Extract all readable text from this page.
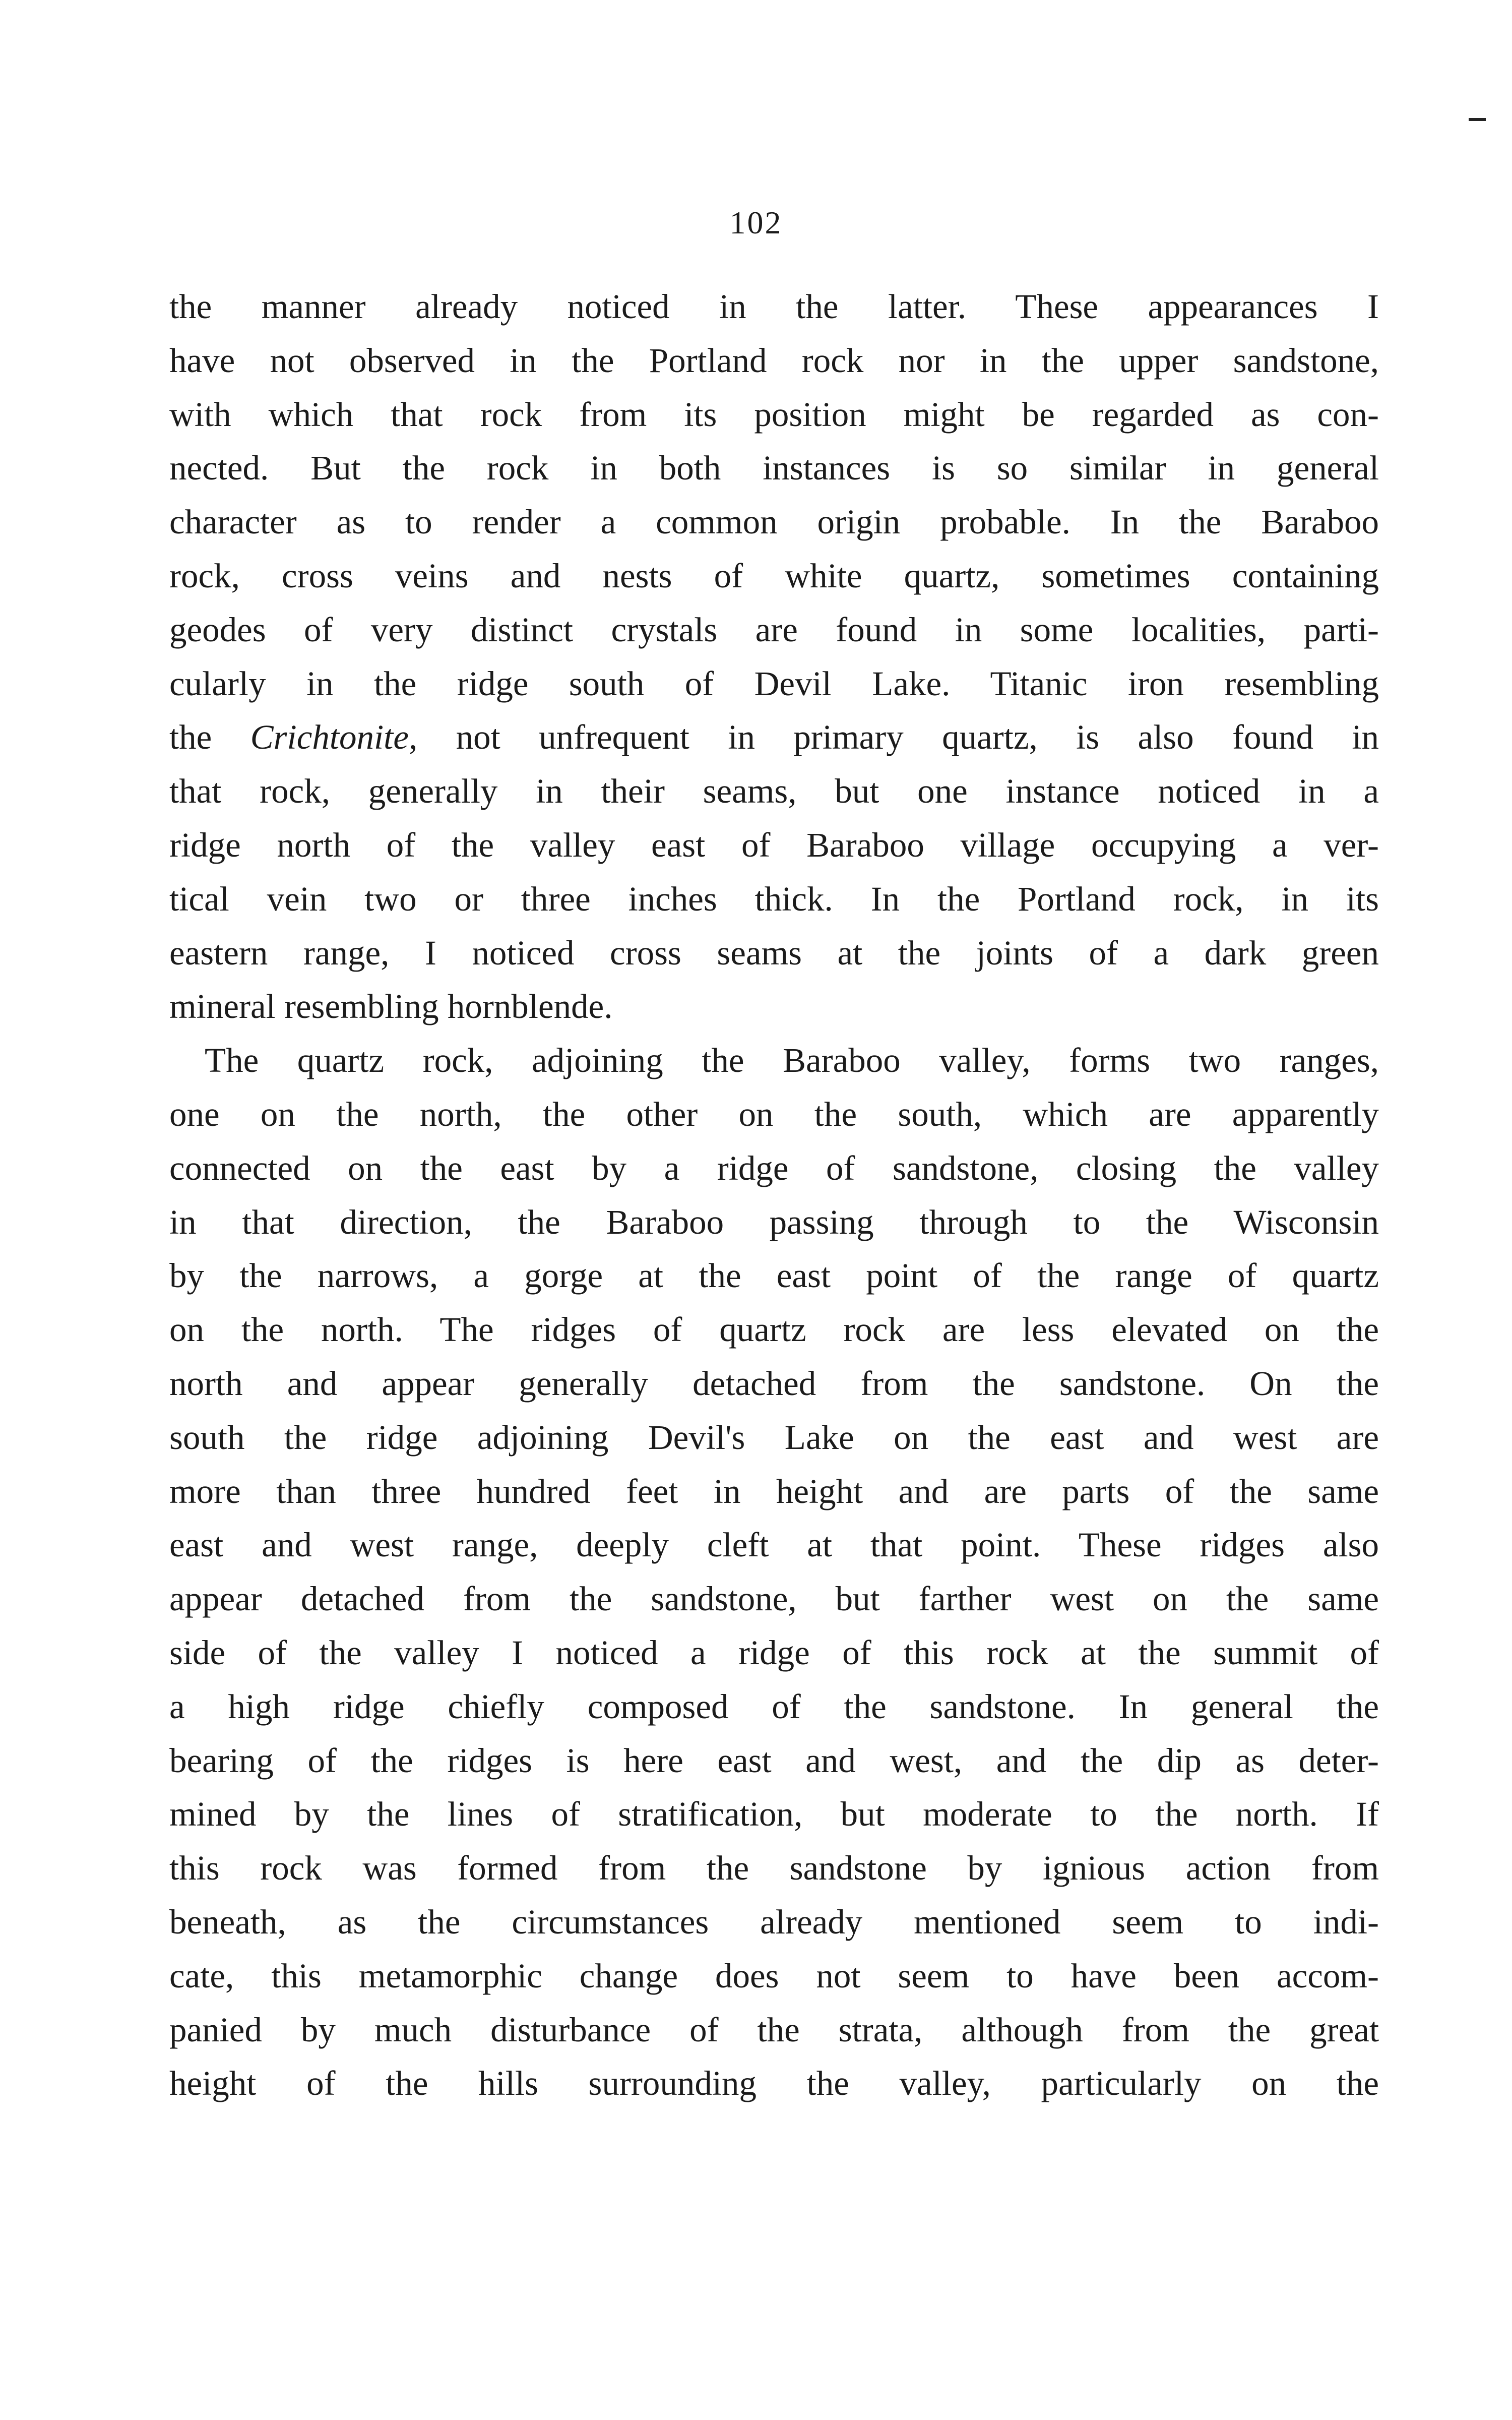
102
the manner already noticed in the latter. These appearances I
have not observed in the Portland rock nor in the upper sandstone,
with which that rock from its position might be regarded as con-
nected. But the rock in both instances is so similar in general
character as to render a common origin probable. In the Baraboo
rock, cross veins and nests of white quartz, sometimes containing
geodes of very distinct crystals are found in some localities, parti-
cularly in the ridge south of Devil Lake. Titanic iron resembling
the Crichtonite, not unfrequent in primary quartz, is also found in
that rock, generally in their seams, but one instance noticed in a
ridge north of the valley east of Baraboo village occupying a ver-
tical vein two or three inches thick. In the Portland rock, in its
eastern range, I noticed cross seams at the joints of a dark green
mineral resembling hornblende.
The quartz rock, adjoining the Baraboo valley, forms two ranges,
one on the north, the other on the south, which are apparently
connected on the east by a ridge of sandstone, closing the valley
in that direction, the Baraboo passing through to the Wisconsin
by the narrows, a gorge at the east point of the range of quartz
on the north. The ridges of quartz rock are less elevated on the
north and appear generally detached from the sandstone. On the
south the ridge adjoining Devil's Lake on the east and west are
more than three hundred feet in height and are parts of the same
east and west range, deeply cleft at that point. These ridges also
appear detached from the sandstone, but farther west on the same
side of the valley I noticed a ridge of this rock at the summit of
a high ridge chiefly composed of the sandstone. In general the
bearing of the ridges is here east and west, and the dip as deter-
mined by the lines of stratification, but moderate to the north. If
this rock was formed from the sandstone by ignious action from
beneath, as the circumstances already mentioned seem to indi-
cate, this metamorphic change does not seem to have been accom-
panied by much disturbance of the strata, although from the great
height of the hills surrounding the valley, particularly on the
